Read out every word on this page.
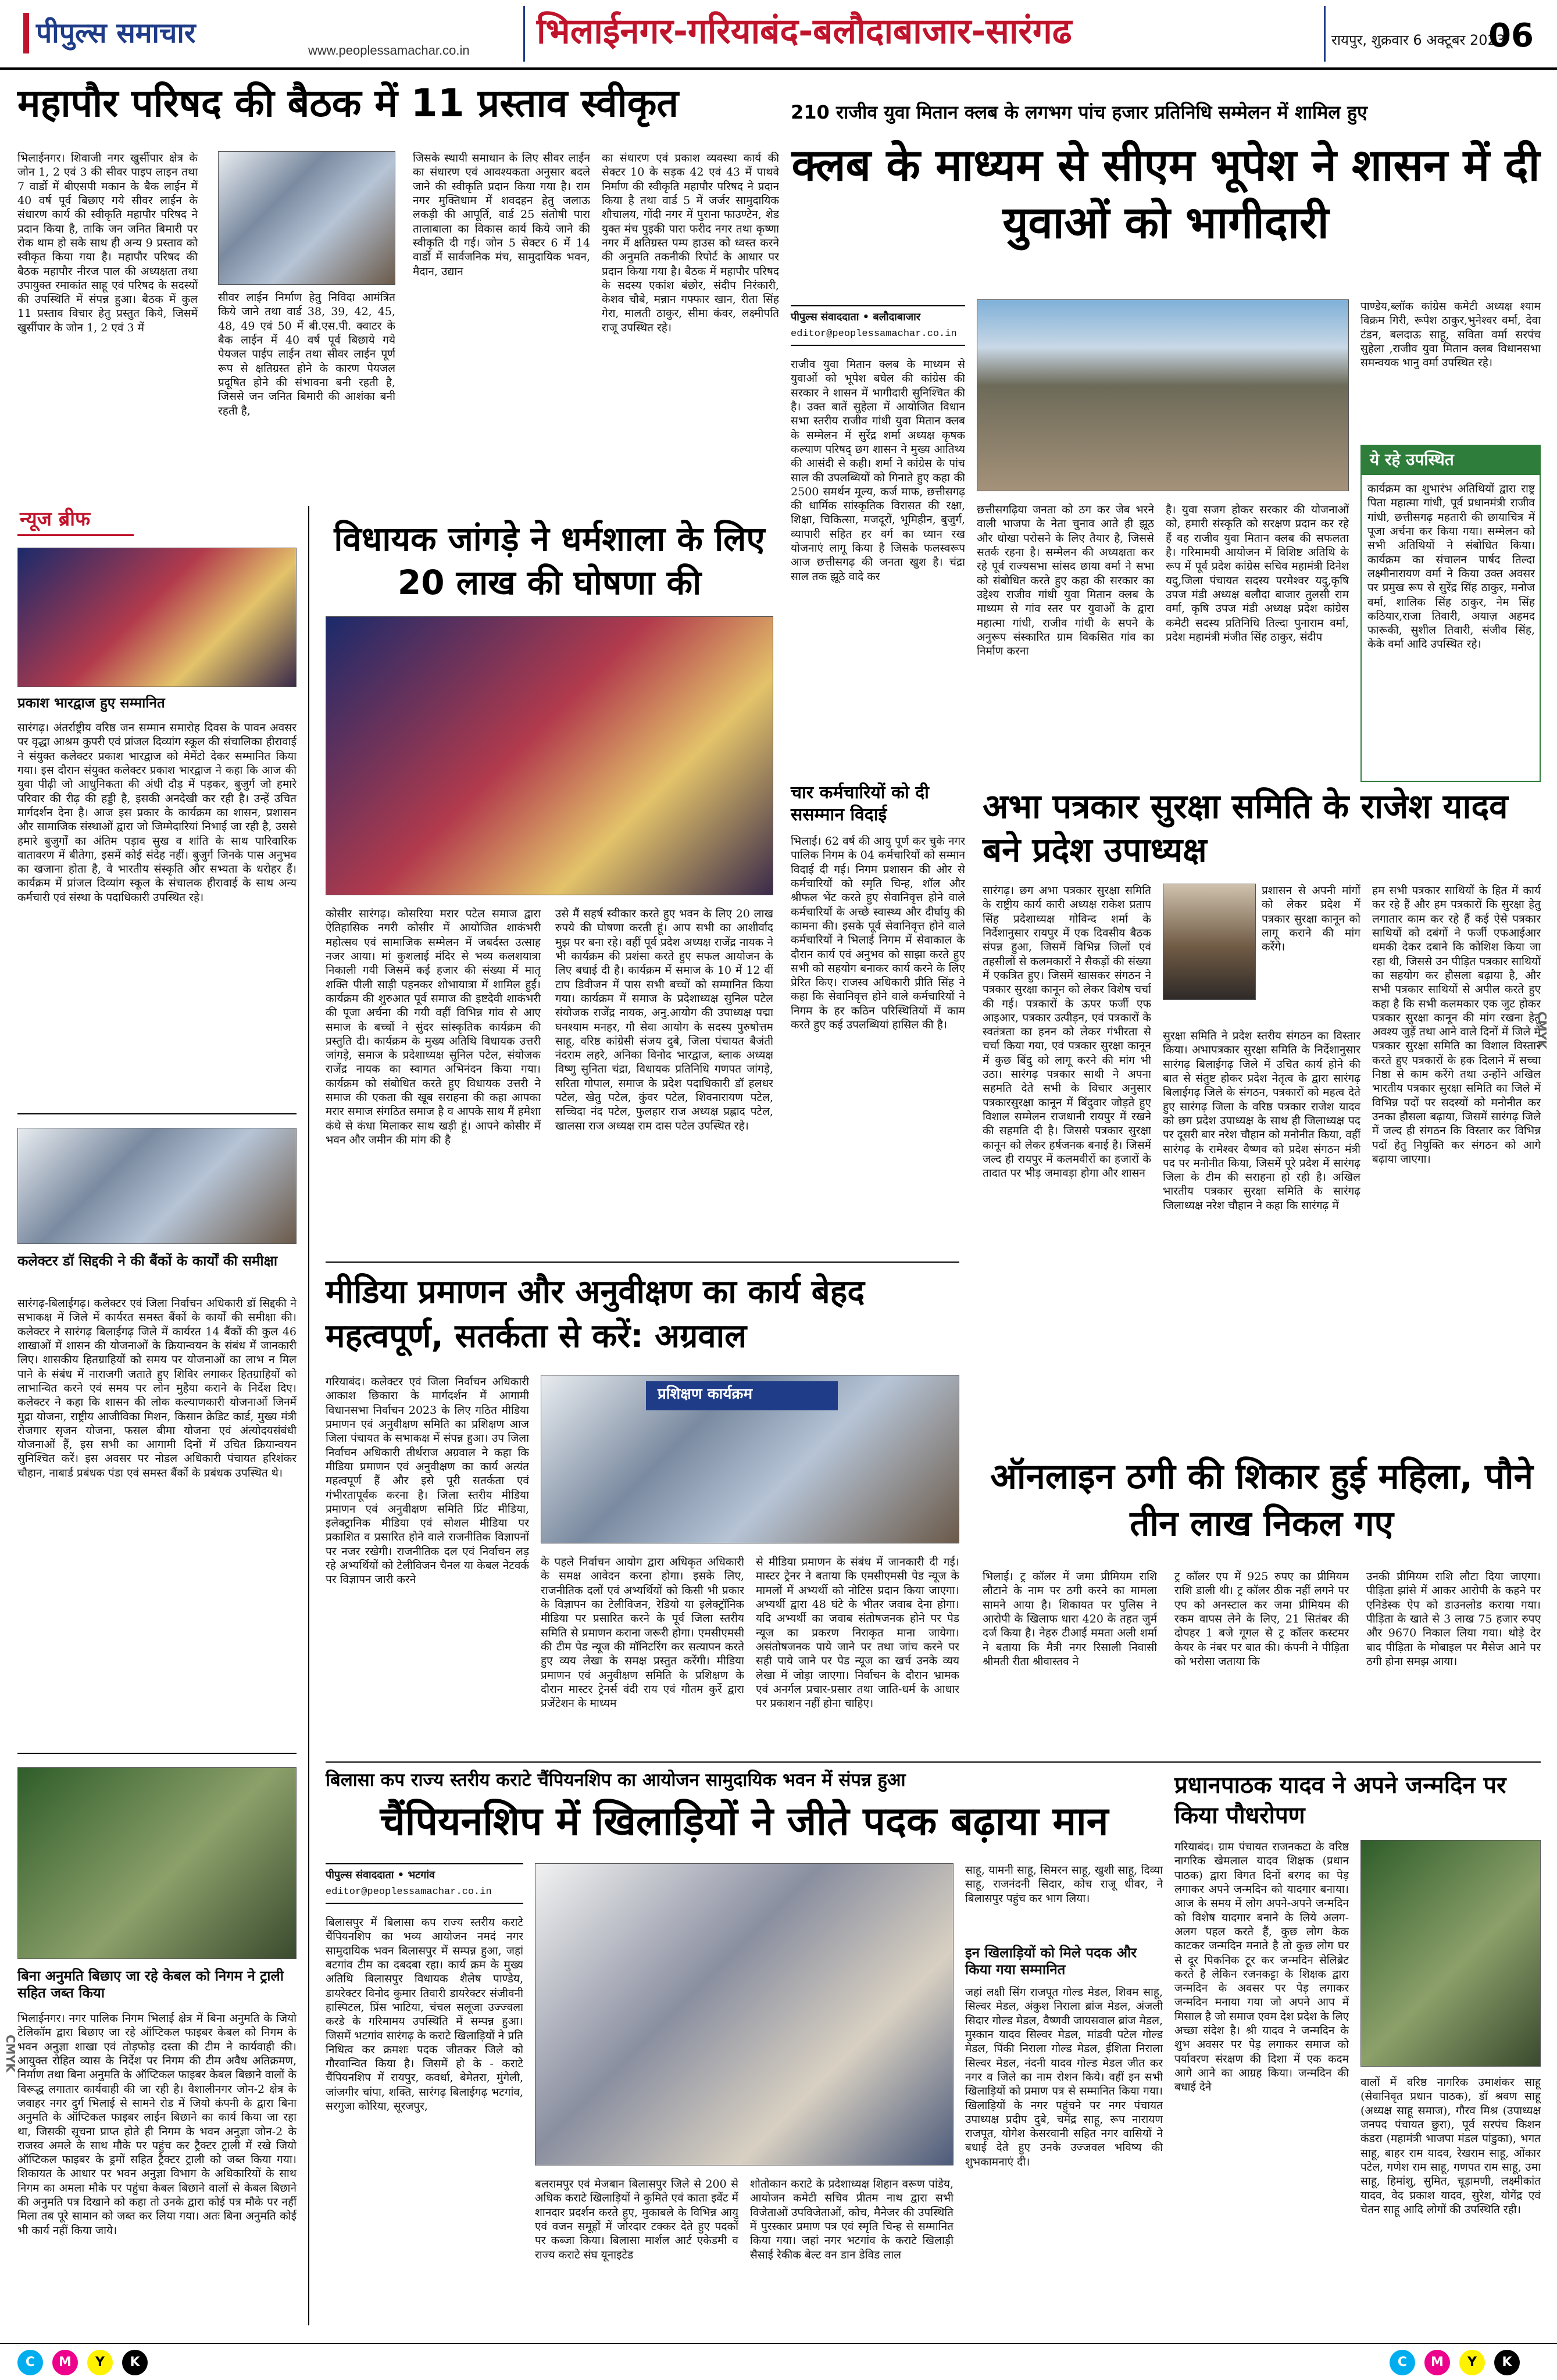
पीपुल्स समाचार
www.peoplessamachar.co.in भिलाईनगर-गरियाबंद-बलौदाबाजार-सारंगढ	रायपुर, शुक्रवार 6 अक्टूबर 2023
06
महापौर परिषद की बैठक में 11 प्रस्ताव स्वीकृत
भिलाईनगर। शिवाजी नगर खुर्सीपार क्षेत्र के जोन 1, 2 एवं 3 की सीवर पाइप लाइन तथा 7 वार्डो में बीएसपी मकान के बैक लाईन में 40 वर्ष पूर्व बिछाए गये सीवर लाईन के संधारण कार्य की स्वीकृति महापौर परिषद ने प्रदान किया है, ताकि जन जनित बिमारी पर रोक थाम हो सके साथ ही अन्य 9 प्रस्ताव को स्वीकृत किया गया है। महापौर परिषद की बैठक महापौर नीरज पाल की अध्यक्षता तथा उपायुक्त रमाकांत साहू एवं परिषद के सदस्यों की उपस्थिति में संपन्न हुआ। बैठक में कुल 11 प्रस्ताव विचार हेतु प्रस्तुत किये, जिसमें खुर्सीपार के जोन 1, 2 एवं 3 में
सीवर लाईन निर्माण हेतु निविदा आमंत्रित किये जाने तथा वार्ड 38, 39, 42, 45, 48, 49 एवं 50 में बी.एस.पी. क्वाटर के बैक लाईन में 40 वर्ष पूर्व बिछाये गये पेयजल पाईप लाईन तथा सीवर लाईन पूर्ण रूप से क्षतिग्रस्त होने के कारण पेयजल प्रदूषित होने की संभावना बनी रहती है, जिससे जन जनित बिमारी की आशंका बनी रहती है,
जिसके स्थायी समाधान के लिए सीवर लाईन का संधारण एवं आवश्यकता अनुसार बदले जाने की स्वीकृति प्रदान किया गया है। राम नगर मुक्तिधाम में शवदहन हेतु जलाऊ लकड़ी की आपूर्ति, वार्ड 25 संतोषी पारा तालाबाला का विकास कार्य किये जाने की स्वीकृति दी गई। जोन 5 सेक्टर 6 में 14 वार्डो में सार्वजनिक मंच, सामुदायिक भवन, मैदान, उद्यान
का संधारण एवं प्रकाश व्यवस्था कार्य की सेक्टर 10 के सड़क 42 एवं 43 में पाथवे निर्माण की स्वीकृति महापौर परिषद ने प्रदान किया है तथा वार्ड 5 में जर्जर सामुदायिक शौचालय, गोंदी नगर में पुराना फाउण्टेन, शेड युक्त मंच पुइकी पारा फरीद नगर तथा कृष्णा नगर में क्षतिग्रस्त पम्प हाउस को ध्वस्त करने की अनुमति तकनीकी रिपोर्ट के आधार पर प्रदान किया गया है। बैठक में महापौर परिषद के सदस्य एकांश बंछोर, संदीप निरंकारी, केशव चौबे, मन्नान गफ्फार खान, रीता सिंह गेरा, मालती ठाकुर, सीमा कंवर, लक्ष्मीपति राजू उपस्थित रहे।
210 राजीव युवा मितान क्लब के लगभग पांच हजार प्रतिनिधि सम्मेलन में शामिल हुए
क्लब के माध्यम से सीएम भूपेश ने शासन में दी युवाओं को भागीदारी
पीपुल्स संवाददाता • बलौदाबाजार
editor@peoplessamachar.co.in
राजीव युवा मितान क्लब के माध्यम से युवाओं को भूपेश बघेल की कांग्रेस की सरकार ने शासन में भागीदारी सुनिश्चित की है। उक्त बातें सुहेला में आयोजित विधान सभा स्तरीय राजीव गांधी युवा मितान क्लब के सम्मेलन में सुरेंद्र शर्मा अध्यक्ष कृषक कल्याण परिषद् छग शासन ने मुख्य आतिथ्य की आसंदी से कही। शर्मा ने कांग्रेस के पांच साल की उपलब्धियों को गिनाते हुए कहा की 2500 समर्थन मूल्य, कर्ज माफ, छत्तीसगढ़ की धार्मिक सांस्कृतिक विरासत की रक्षा, शिक्षा, चिकित्सा, मजदूरों, भूमिहीन, बुजुर्ग, व्यापारी सहित हर वर्ग का ध्यान रख योजनाएं लागू किया है जिसके फलस्वरूप आज छत्तीसगढ़ की जनता खुश है। चंद्रा साल तक झूठे वादे कर
छत्तीसगढ़िया जनता को ठग कर जेब भरने वाली भाजपा के नेता चुनाव आते ही झूठ और धोखा परोसने के लिए तैयार है, जिससे सतर्क रहना है। सम्मेलन की अध्यक्षता कर रहे पूर्व राज्यसभा सांसद छाया वर्मा ने सभा को संबोधित करते हुए कहा की सरकार का उद्देश्य राजीव गांधी युवा मितान क्लब के माध्यम से गांव स्तर पर युवाओं के द्वारा महात्मा गांधी, राजीव गांधी के सपने के अनुरूप संस्कारित ग्राम विकसित गांव का निर्माण करना
है। युवा सजग होकर सरकार की योजनाओं को, हमारी संस्कृति को सरक्षण प्रदान कर रहे हैं वह राजीव युवा मितान क्लब की सफलता है। गरिमामयी आयोजन में विशिष्ट अतिथि के रूप में पूर्व प्रदेश कांग्रेस सचिव महामंत्री दिनेश यदु,जिला पंचायत सदस्य परमेश्वर यदु,कृषि उपज मंडी अध्यक्ष बलौदा बाजार तुलसी राम वर्मा, कृषि उपज मंडी अध्यक्ष प्रदेश कांग्रेस कमेटी सदस्य प्रतिनिधि तिल्दा पुनाराम वर्मा, प्रदेश महामंत्री मंजीत सिंह ठाकुर, संदीप
पाण्डेय,ब्लॉक कांग्रेस कमेटी अध्यक्ष श्याम विक्रम गिरी, रूपेश ठाकुर,भुनेश्वर वर्मा, देवा टंडन, बलदाऊ साहू, सविता वर्मा सरपंच सुहेला ,राजीव युवा मितान क्लब विधानसभा समन्वयक भानु वर्मा उपस्थित रहे।
ये रहे उपस्थित
कार्यक्रम का शुभारंभ अतिथियों द्वारा राष्ट्र पिता महात्मा गांधी, पूर्व प्रधानमंत्री राजीव गांधी, छत्तीसगढ़ महतारी की छायाचित्र में पूजा अर्चना कर किया गया। सम्मेलन को सभी अतिथियों ने संबोधित किया। कार्यक्रम का संचालन पार्षद तिल्दा लक्ष्मीनारायण वर्मा ने किया उक्त अवसर पर प्रमुख रूप से सुरेंद्र सिंह ठाकुर, मनोज वर्मा, शालिक सिंह ठाकुर, नेम सिंह कठियार,राजा तिवारी, अयाज़ अहमद फारूकी, सुशील तिवारी, संजीव सिंह, केके वर्मा आदि उपस्थित रहे।
न्यूज ब्रीफ
प्रकाश भारद्वाज हुए सम्मानित
सारंगढ़। अंतर्राष्ट्रीय वरिष्ठ जन सम्मान समारोह दिवस के पावन अवसर पर वृद्धा आश्रम कुपरी एवं प्रांजल दिव्यांग स्कूल की संचालिका हीरावाई ने संयुक्त कलेक्टर प्रकाश भारद्वाज को मेमेंटो देकर सम्मानित किया गया। इस दौरान संयुक्त कलेक्टर प्रकाश भारद्वाज ने कहा कि आज की युवा पीढ़ी जो आधुनिकता की अंधी दौड़ में पड़कर, बुजुर्ग जो हमारे परिवार की रीढ़ की हड्डी है, इसकी अनदेखी कर रही है। उन्हें उचित मार्गदर्शन देना है। आज इस प्रकार के कार्यक्रम का शासन, प्रशासन और सामाजिक संस्थाओं द्वारा जो जिम्मेदारियां निभाई जा रही है, उससे हमारे बुजुर्गों का अंतिम पड़ाव सुख व शांति के साथ पारिवारिक वातावरण में बीतेगा, इसमें कोई संदेह नहीं। बुजुर्ग जिनके पास अनुभव का खजाना होता है, वे भारतीय संस्कृति और सभ्यता के धरोहर हैं। कार्यक्रम में प्रांजल दिव्यांग स्कूल के संचालक हीरावाई के साथ अन्य कर्मचारी एवं संस्था के पदाधिकारी उपस्थित रहे।
कलेक्टर डॉ सिद्दकी ने की बैंकों के कार्यों की समीक्षा
सारंगढ़-बिलाईगढ़। कलेक्टर एवं जिला निर्वाचन अधिकारी डॉ सिद्दकी ने सभाकक्ष में जिले में कार्यरत समस्त बैंकों के कार्यों की समीक्षा की। कलेक्टर ने सारंगढ़ बिलाईगढ़ जिले में कार्यरत 14 बैंकों की कुल 46 शाखाओं में शासन की योजनाओं के क्रियान्वयन के संबंध में जानकारी लिए। शासकीय हितग्राहियों को समय पर योजनाओं का लाभ न मिल पाने के संबंध में नाराजगी जताते हुए शिविर लगाकर हितग्राहियों को लाभान्वित करने एवं समय पर लोन मुहैया कराने के निर्देश दिए। कलेक्टर ने कहा कि शासन की लोक कल्याणकारी योजनाओं जिनमें मुद्रा योजना, राष्ट्रीय आजीविका मिशन, किसान क्रेडिट कार्ड, मुख्य मंत्री रोजगार सृजन योजना, फसल बीमा योजना एवं अंत्योदयसंबंधी योजनाओं हैं, इस सभी का आगामी दिनों में उचित क्रियान्वयन सुनिश्चित करें। इस अवसर पर नोडल अधिकारी पंचायत हरिशंकर चौहान, नाबार्ड प्रबंधक पंडा एवं समस्त बैंकों के प्रबंधक उपस्थित थे।
बिना अनुमति बिछाए जा रहे केबल को निगम ने ट्राली सहित जब्त किया
भिलाईनगर। नगर पालिक निगम भिलाई क्षेत्र में बिना अनुमति के जियो टेलिकॉम द्वारा बिछाए जा रहे ऑप्टिकल फाइबर केबल को निगम के भवन अनुज्ञा शाखा एवं तोड़फोड़ दस्ता की टीम ने कार्यवाही की। आयुक्त रोहित व्यास के निर्देश पर निगम की टीम अवैध अतिक्रमण, निर्माण तथा बिना अनुमति के ऑप्टिकल फाइबर केबल बिछाने वालों के विरूद्ध लगातार कार्यवाही की जा रही है। वैशालीनगर जोन-2 क्षेत्र के जवाहर नगर दुर्ग भिलाई से सामने रोड में जियो कंपनी के द्वारा बिना अनुमति के ऑप्टिकल फाइबर लाईन बिछाने का कार्य किया जा रहा था, जिसकी सूचना प्राप्त होते ही निगम के भवन अनुज्ञा जोन-2 के राजस्व अमले के साथ मौके पर पहुंच कर ट्रैक्टर ट्राली में रखे जियो ऑप्टिकल फाइबर के ड्रमों सहित ट्रैक्टर ट्राली को जब्त किया गया। शिकायत के आधार पर भवन अनुज्ञा विभाग के अधिकारियों के साथ निगम का अमला मौके पर पहुंचा केबल बिछाने वालों से केबल बिछाने की अनुमति पत्र दिखाने को कहा तो उनके द्वारा कोई पत्र मौके पर नहीं मिला तब पूरे सामान को जब्त कर लिया गया। अतः बिना अनुमति कोई भी कार्य नहीं किया जाये।
विधायक जांगड़े ने धर्मशाला के लिए 20 लाख की घोषणा की
कोसीर सारंगढ़। कोसरिया मरार पटेल समाज द्वारा ऐतिहासिक नगरी कोसीर में आयोजित शाकंभरी महोत्सव एवं सामाजिक सम्मेलन में जबर्दस्त उत्साह नजर आया। मां कुशलाई मंदिर से भव्य कलशयात्रा निकाली गयी जिसमें कई हजार की संख्या में मातृ शक्ति पीली साड़ी पहनकर शोभायात्रा में शामिल हुईं। कार्यक्रम की शुरुआत पूर्व समाज की इष्टदेवी शाकंभरी की पूजा अर्चना की गयी वहीं विभिन्न गांव से आए समाज के बच्चों ने सुंदर सांस्कृतिक कार्यक्रम की प्रस्तुति दी। कार्यक्रम के मुख्य अतिथि विधायक उत्तरी जांगड़े, समाज के प्रदेशाध्यक्ष सुनिल पटेल, संयोजक राजेंद्र नायक का स्वागत अभिनंदन किया गया। कार्यक्रम को संबोधित करते हुए विधायक उत्तरी ने समाज की एकता की खूब सराहना की कहा आपका मरार समाज संगठित समाज है व आपके साथ मैं हमेशा कंधे से कंधा मिलाकर साथ खड़ी हूं। आपने कोसीर में भवन और जमीन की मांग की है
उसे मैं सहर्ष स्वीकार करते हुए भवन के लिए 20 लाख रुपये की घोषणा करती हूं। आप सभी का आशीर्वाद मुझ पर बना रहे। वहीं पूर्व प्रदेश अध्यक्ष राजेंद्र नायक ने भी कार्यक्रम की प्रशंसा करते हुए सफल आयोजन के लिए बधाई दी है। कार्यक्रम में समाज के 10 में 12 वीं टाप डिवीजन में पास सभी बच्चों को सम्मानित किया गया। कार्यक्रम में समाज के प्रदेशाध्यक्ष सुनिल पटेल संयोजक राजेंद्र नायक, अनु.आयोग की उपाध्यक्ष पद्मा घनश्याम मनहर, गौ सेवा आयोग के सदस्य पुरुषोत्तम साहू, वरिष्ठ कांग्रेसी संजय दुबे, जिला पंचायत बैजंती नंदराम लहरे, अनिका विनोद भारद्वाज, ब्लाक अध्यक्ष विष्णु सुनिता चंद्रा, विधायक प्रतिनिधि गणपत जांगड़े, सरिता गोपाल, समाज के प्रदेश पदाधिकारी डॉ हलधर पटेल, खेतु पटेल, कुंवर पटेल, शिवनारायण पटेल, सच्चिदा नंद पटेल, फुलहार राज अध्यक्ष प्रह्लाद पटेल, खालसा राज अध्यक्ष राम दास पटेल उपस्थित रहे।
चार कर्मचारियों को दी ससम्मान विदाई
भिलाई। 62 वर्ष की आयु पूर्ण कर चुके नगर पालिक निगम के 04 कर्मचारियों को सम्मान विदाई दी गई। निगम प्रशासन की ओर से कर्मचारियों को स्मृति चिन्ह, शॉल और श्रीफल भेंट करते हुए सेवानिवृत्त होने वाले कर्मचारियों के अच्छे स्वास्थ्य और दीर्घायु की कामना की। इसके पूर्व सेवानिवृत्त होने वाले कर्मचारियों ने भिलाई निगम में सेवाकाल के दौरान कार्य एवं अनुभव को साझा करते हुए सभी को सहयोग बनाकर कार्य करने के लिए प्रेरित किए। राजस्व अधिकारी प्रीति सिंह ने कहा कि सेवानिवृत्त होने वाले कर्मचारियों ने निगम के हर कठिन परिस्थितियों में काम करते हुए कई उपलब्धियां हासिल की है।
अभा पत्रकार सुरक्षा समिति के राजेश यादव बने प्रदेश उपाध्यक्ष
सारंगढ़। छग अभा पत्रकार सुरक्षा समिति के राष्ट्रीय कार्य कारी अध्यक्ष राकेश प्रताप सिंह प्रदेशाध्यक्ष गोविन्द शर्मा के निर्देशानुसार रायपुर में एक दिवसीय बैठक संपन्न हुआ, जिसमें विभिन्न जिलों एवं तहसीलों से कलमकारों ने सैकड़ों की संख्या में एकत्रित हुए। जिसमें खासकर संगठन ने पत्रकार सुरक्षा कानून को लेकर विशेष चर्चा की गई। पत्रकारों के ऊपर फर्जी एफ आइआर, पत्रकार उत्पीड़न, एवं पत्रकारों के स्वतंत्रता का हनन को लेकर गंभीरता से चर्चा किया गया, एवं पत्रकार सुरक्षा कानून में कुछ बिंदु को लागू करने की मांग भी उठा। सारंगढ़ पत्रकार साथी ने अपना सहमति देते सभी के विचार अनुसार पत्रकारसुरक्षा कानून में बिंदुवार जोड़ते हुए विशाल सम्मेलन राजधानी रायपुर में रखने की सहमति दी है। जिससे पत्रकार सुरक्षा कानून को लेकर हर्षजनक बनाई है। जिसमें जल्द ही रायपुर में कलमवीरों का हजारों के तादात पर भीड़ जमावड़ा होगा और शासन
प्रशासन से अपनी मांगों को लेकर प्रदेश में पत्रकार सुरक्षा कानून को लागू कराने की मांग करेंगे।
सुरक्षा समिति ने प्रदेश स्तरीय संगठन का विस्तार किया। अभापत्रकार सुरक्षा समिति के निर्देशानुसार सारंगढ़ बिलाईगढ़ जिले में उचित कार्य होने की बात से संतुष्ट होकर प्रदेश नेतृत्व के द्वारा सारंगढ़ बिलाईगढ़ जिले के संगठन, पत्रकारों को महत्व देते हुए सारंगढ़ जिला के वरिष्ठ पत्रकार राजेश यादव को छग प्रदेश उपाध्यक्ष के साथ ही जिलाध्यक्ष पद पर दूसरी बार नरेश चौहान को मनोनीत किया, वहीं सारंगढ़ के रामेश्वर वैष्णव को प्रदेश संगठन मंत्री पद पर मनोनीत किया, जिसमें पूरे प्रदेश में सारंगढ़ जिला के टीम की सराहना हो रही है। अखिल भारतीय पत्रकार सुरक्षा समिति के सारंगढ़ जिलाध्यक्ष नरेश चौहान ने कहा कि सारंगढ़ में
हम सभी पत्रकार साथियों के हित में कार्य कर रहे हैं और हम पत्रकारों कि सुरक्षा हेतु लगातार काम कर रहे हैं कई ऐसे पत्रकार साथियों को दबंगों ने फर्जी एफआईआर धमकी देकर दबाने कि कोशिश किया जा रहा थी, जिससे उन पीड़ित पत्रकार साथियों का सहयोग कर हौसला बढ़ाया है, और सभी पत्रकार साथियों से अपील करते हुए कहा है कि सभी कलमकार एक जुट होकर पत्रकार सुरक्षा कानून की मांग रखना हेतु अवश्य जुड़ें तथा आने वाले दिनों में जिले में पत्रकार सुरक्षा समिति का विशाल विस्तार करते हुए पत्रकारों के हक दिलाने में सच्चा निष्ठा से काम करेंगे तथा उन्होंने अखिल भारतीय पत्रकार सुरक्षा समिति का जिले में विभिन्न पदों पर सदस्यों को मनोनीत कर उनका हौसला बढ़ाया, जिसमें सारंगढ़ जिले में जल्द ही संगठन कि विस्तार कर विभिन्न पदों हेतु नियुक्ति कर संगठन को आगे बढ़ाया जाएगा।
मीडिया प्रमाणन और अनुवीक्षण का कार्य बेहद महत्वपूर्ण, सतर्कता से करें: अग्रवाल
गरियाबंद। कलेक्टर एवं जिला निर्वाचन अधिकारी आकाश छिकारा के मार्गदर्शन में आगामी विधानसभा निर्वाचन 2023 के लिए गठित मीडिया प्रमाणन एवं अनुवीक्षण समिति का प्रशिक्षण आज जिला पंचायत के सभाकक्ष में संपन्न हुआ। उप जिला निर्वाचन अधिकारी तीर्थराज अग्रवाल ने कहा कि मीडिया प्रमाणन एवं अनुवीक्षण का कार्य अत्यंत महत्वपूर्ण हैं और इसे पूरी सतर्कता एवं गंभीरतापूर्वक करना है। जिला स्तरीय मीडिया प्रमाणन एवं अनुवीक्षण समिति प्रिंट मीडिया, इलेक्ट्रानिक मीडिया एवं सोशल मीडिया पर प्रकाशित व प्रसारित होने वाले राजनीतिक विज्ञापनों पर नजर रखेगी। राजनीतिक दल एवं निर्वाचन लड़ रहे अभ्यर्थियों को टेलीविजन चैनल या केबल नेटवर्क पर विज्ञापन जारी करने
प्रशिक्षण कार्यक्रम
के पहले निर्वाचन आयोग द्वारा अधिकृत अधिकारी के समक्ष आवेदन करना होगा। इसके लिए, राजनीतिक दलों एवं अभ्यर्थियों को किसी भी प्रकार के विज्ञापन का टेलीविजन, रेडियो या इलेक्ट्रॉनिक मीडिया पर प्रसारित करने के पूर्व जिला स्तरीय समिति से प्रमाणन कराना जरूरी होगा। एमसीएमसी की टीम पेड न्यूज की मॉनिटरिंग कर सत्यापन करते हुए व्यय लेखा के समक्ष प्रस्तुत करेंगी। मीडिया प्रमाणन एवं अनुवीक्षण समिति के प्रशिक्षण के दौरान मास्टर ट्रेनर्स वंदी राय एवं गौतम कुर्रे द्वारा प्रजेंटेशन के माध्यम
से मीडिया प्रमाणन के संबंध में जानकारी दी गई। मास्टर ट्रेनर ने बताया कि एमसीएमसी पेड न्यूज के मामलों में अभ्यर्थी को नोटिस प्रदान किया जाएगा। अभ्यर्थी द्वारा 48 घंटे के भीतर जवाब देना होगा। यदि अभ्यर्थी का जवाब संतोषजनक होने पर पेड न्यूज का प्रकरण निराकृत माना जायेगा। असंतोषजनक पाये जाने पर तथा जांच करने पर सही पाये जाने पर पेड न्यूज का खर्च उनके व्यय लेखा में जोड़ा जाएगा। निर्वाचन के दौरान भ्रामक एवं अनर्गल प्रचार-प्रसार तथा जाति-धर्म के आधार पर प्रकाशन नहीं होना चाहिए।
ऑनलाइन ठगी की शिकार हुई महिला, पौने तीन लाख निकल गए
भिलाई। ट्र कॉलर में जमा प्रीमियम राशि लौटाने के नाम पर ठगी करने का मामला सामने आया है। शिकायत पर पुलिस ने आरोपी के खिलाफ धारा 420 के तहत जुर्म दर्ज किया है। नेहरु टीआई ममता अली शर्मा ने बताया कि मैत्री नगर रिसाली निवासी श्रीमती रीता श्रीवास्तव ने
ट्र कॉलर एप में 925 रुपए का प्रीमियम राशि डाली थी। ट्र कॉलर ठीक नहीं लगने पर एप को अनस्टाल कर जमा प्रीमियम की रकम वापस लेने के लिए, 21 सितंबर की दोपहर 1 बजे गूगल से ट्र कॉलर कस्टमर केयर के नंबर पर बात की। कंपनी ने पीड़िता को भरोसा जताया कि
उनकी प्रीमियम राशि लौटा दिया जाएगा। पीड़िता झांसे में आकर आरोपी के कहने पर एनिडेस्क ऐप को डाउनलोड कराया गया। पीड़िता के खाते से 3 लाख 75 हजार रुपए और 9670 निकाल लिया गया। थोड़े देर बाद पीड़िता के मोबाइल पर मैसेज आने पर ठगी होना समझ आया।
बिलासा कप राज्य स्तरीय कराटे चैंपियनशिप का आयोजन सामुदायिक भवन में संपन्न हुआ
चैंपियनशिप में खिलाड़ियों ने जीते पदक बढ़ाया मान
पीपुल्स संवाददाता • भटगांव
editor@peoplessamachar.co.in
बिलासपुर में बिलासा कप राज्य स्तरीय कराटे चैंपियनशिप का भव्य आयोजन नमदं नगर सामुदायिक भवन बिलासपुर में सम्पन्न हुआ, जहां बटगांव टीम का दबदबा रहा। कार्य क्रम के मुख्य अतिथि बिलासपुर विधायक शैलेष पाण्डेय, डायरेक्टर विनोद कुमार तिवारी डायरेक्टर संजीवनी हास्पिटल, प्रिंस भाटिया, चंचल सलूजा उज्ज्वला करडे के गरिमामय उपस्थिति में सम्पन्न हुआ। जिसमें भटगांव सारंगढ़ के कराटे खिलाड़ियों ने प्रति निधित्व कर क्रमशः पदक जीतकर जिले को गौरवान्वित किया है। जिसमें हो के - कराटे चैंपियनशिप में रायपुर, कवर्धा, बेमेतरा, मुंगेली, जांजगीर चांपा, शक्ति, सारंगढ़ बिलाईगढ़ भटगांव, सरगुजा कोरिया, सूरजपुर,
बलरामपुर एवं मेजबान बिलासपुर जिले से 200 से अधिक कराटे खिलाड़ियों ने कुमिते एवं काता इवेंट में शानदार प्रदर्शन करते हुए, मुकाबले के विभिन्न आयु एवं वजन समूहों में जोरदार टक्कर देते हुए पदकों पर कब्जा किया। बिलासा मार्शल आर्ट एकेडमी व राज्य कराटे संघ यूनाइटेड
शोतोकान कराटे के प्रदेशाध्यक्ष शिहान वरूण पांडेय, आयोजन कमेटी सचिव प्रीतम नाथ द्वारा सभी विजेताओं उपविजेताओं, कोच, मैनेजर की उपस्थिति में पुरस्कार प्रमाण पत्र एवं स्मृति चिन्ह से सम्मानित किया गया। जहां नगर भटगांव के कराटे खिलाड़ी सैसाई रेकीक बेल्ट वन डान डेविड लाल
साहू, यामनी साहू, सिमरन साहू, खुशी साहू, दिव्या साहू, राजनंदनी सिदार, कोच राजू धीवर, ने बिलासपुर पहुंच कर भाग लिया।
इन खिलाड़ियों को मिले पदक और किया गया सम्मानित
जहां लक्षी सिंग राजपूत गोल्ड मेडल, शिवम साहू, सिल्वर मेडल, अंकुश निराला ब्रांज मेडल, अंजली सिदार गोल्ड मेडल, वैष्णवी जायसवाल ब्रांज मेडल, मुस्कान यादव सिल्वर मेडल, मांडवी पटेल गोल्ड मेडल, पिंकी निराला गोल्ड मेडल, ईशिता निराला सिल्वर मेडल, नंदनी यादव गोल्ड मेडल जीत कर नगर व जिले का नाम रोशन किये। वहीं इन सभी खिलाड़ियों को प्रमाण पत्र से सम्मानित किया गया। खिलाड़ियों के नगर पहुंचने पर नगर पंचायत उपाध्यक्ष प्रदीप दुबे, चमेंद्र साहू, रूप नारायण राजपूत, योगेश केसरवानी सहित नगर वासियों ने बधाई देते हुए उनके उज्जवल भविष्य की शुभकामनाएं दी।
प्रधानपाठक यादव ने अपने जन्मदिन पर किया पौधरोपण
गरियाबंद। ग्राम पंचायत राजनकटा के वरिष्ठ नागरिक खेमलाल यादव शिक्षक (प्रधान पाठक) द्वारा विगत दिनों बरगद का पेड़ लगाकर अपने जन्मदिन को यादगार बनाया। आज के समय में लोग अपने-अपने जन्मदिन को विशेष यादगार बनाने के लिये अलग-अलग पहल करते हैं, कुछ लोग केक काटकर जन्मदिन मनाते है तो कुछ लोग घर से दूर पिकनिक टूर कर जन्मदिन सेलिब्रेट करते है लेकिन रजनकट्टा के शिक्षक द्वारा जन्मदिन के अवसर पर पेड़ लगाकर जन्मदिन मनाया गया जो अपने आप में मिसाल है जो समाज एवम देश प्रदेश के लिए अच्छा संदेश है। श्री यादव ने जन्मदिन के शुभ अवसर पर पेड़ लगाकर समाज को पर्यावरण संरक्षण की दिशा में एक कदम आगे आने का आग्रह किया। जन्मदिन की बधाई देने	वालों में वरिष्ठ नागरिक उमाशंकर साहू (सेवानिवृत प्रधान पाठक), डॉ श्रवण साहू (अध्यक्ष साहू समाज), गौरव मिश्र (उपाध्यक्ष जनपद पंचायत छुरा), पूर्व सरपंच किशन कंडरा (महामंत्री भाजपा मंडल पांडुका), भगत साहू, बाहर राम यादव, रेखराम साहू, ओंकार पटेल, गणेश राम साहू, गणपत राम साहू, उमा साहू, हिमांशु, सुमित, चूड़ामणी, लक्ष्मीकांत यादव, वेद प्रकाश यादव, सुरेश, योगेंद्र एवं चेतन साहू आदि लोगों की उपस्थिति रही।
CMYK
CMYK
C	M	Y	K	C	M	Y	K
